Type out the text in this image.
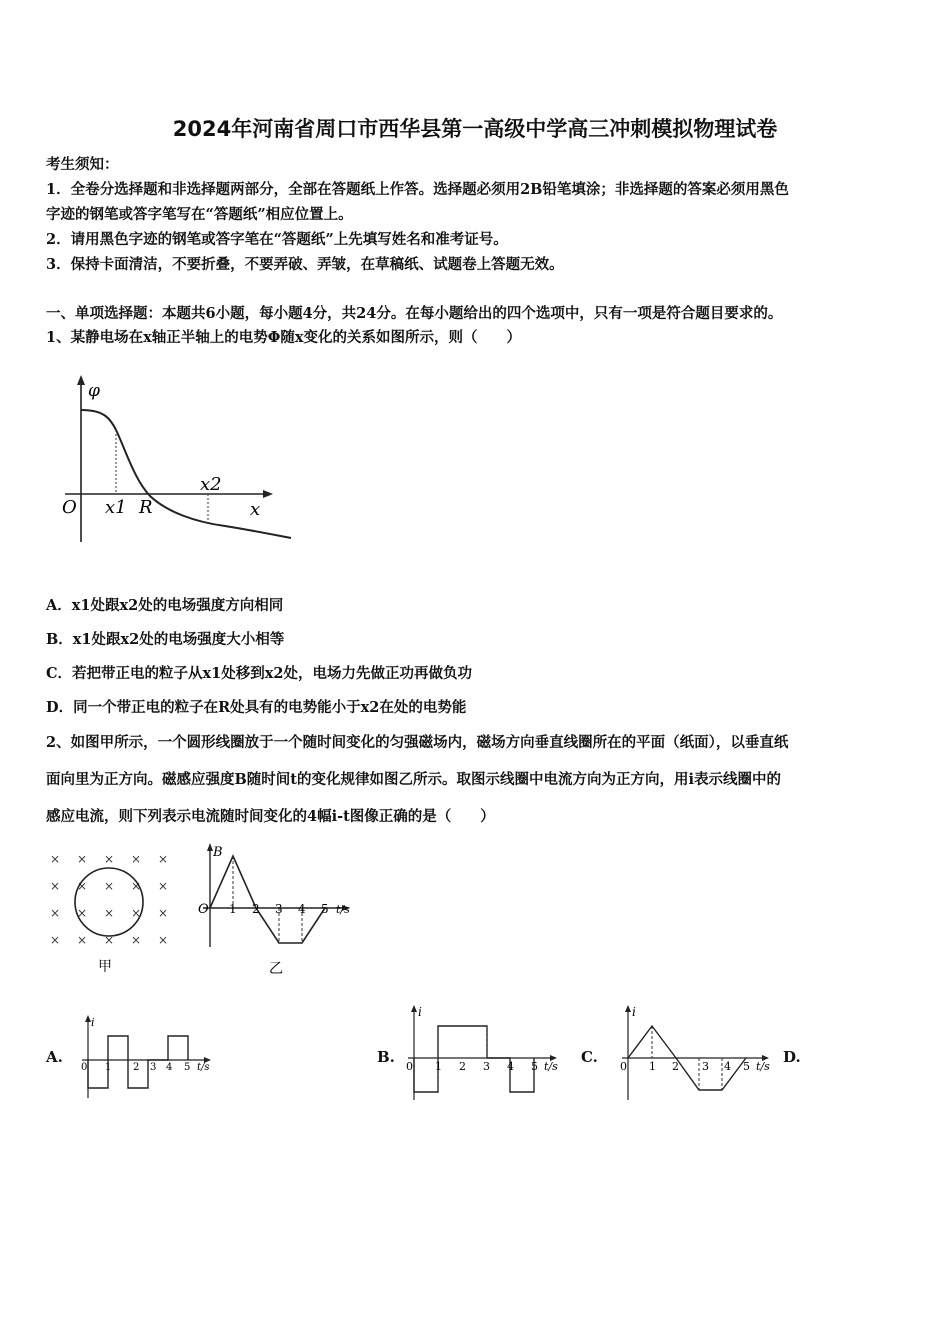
2024年河南省周口市西华县第一高级中学高三冲刺模拟物理试卷
考生须知：
1．全卷分选择题和非选择题两部分，全部在答题纸上作答。选择题必须用2B铅笔填涂；非选择题的答案必须用黑色
字迹的钢笔或答字笔写在“答题纸”相应位置上。
2．请用黑色字迹的钢笔或答字笔在“答题纸”上先填写姓名和准考证号。
3．保持卡面清洁，不要折叠，不要弄破、弄皱，在草稿纸、试题卷上答题无效。
一、单项选择题：本题共6小题，每小题4分，共24分。在每小题给出的四个选项中，只有一项是符合题目要求的。
1、某静电场在x轴正半轴上的电势Φ随x变化的关系如图所示，则（　　）
φ
O x1 R
x2
x
A．x1处跟x2处的电场强度方向相同
B．x1处跟x2处的电场强度大小相等
C．若把带正电的粒子从x1处移到x2处，电场力先做正功再做负功
D．同一个带正电的粒子在R处具有的电势能小于x2在处的电势能
2、如图甲所示，一个圆形线圈放于一个随时间变化的匀强磁场内，磁场方向垂直线圈所在的平面（纸面），以垂直纸
面向里为正方向。磁感应强度B随时间t的变化规律如图乙所示。取图示线圈中电流方向为正方向，用i表示线圈中的
感应电流，则下列表示电流随时间变化的4幅i-t图像正确的是（　　）
× × × × ×
× × × × ×
× × × × ×
× × × × ×
甲
B
O 1 2 3 4 5 t/s
乙
A.
i
0 1 2 3 4 5 t/s
B.
i
0 1 2 3 4 5 t/s
C.
i
0 1 2 3 4 5 t/s
D.
